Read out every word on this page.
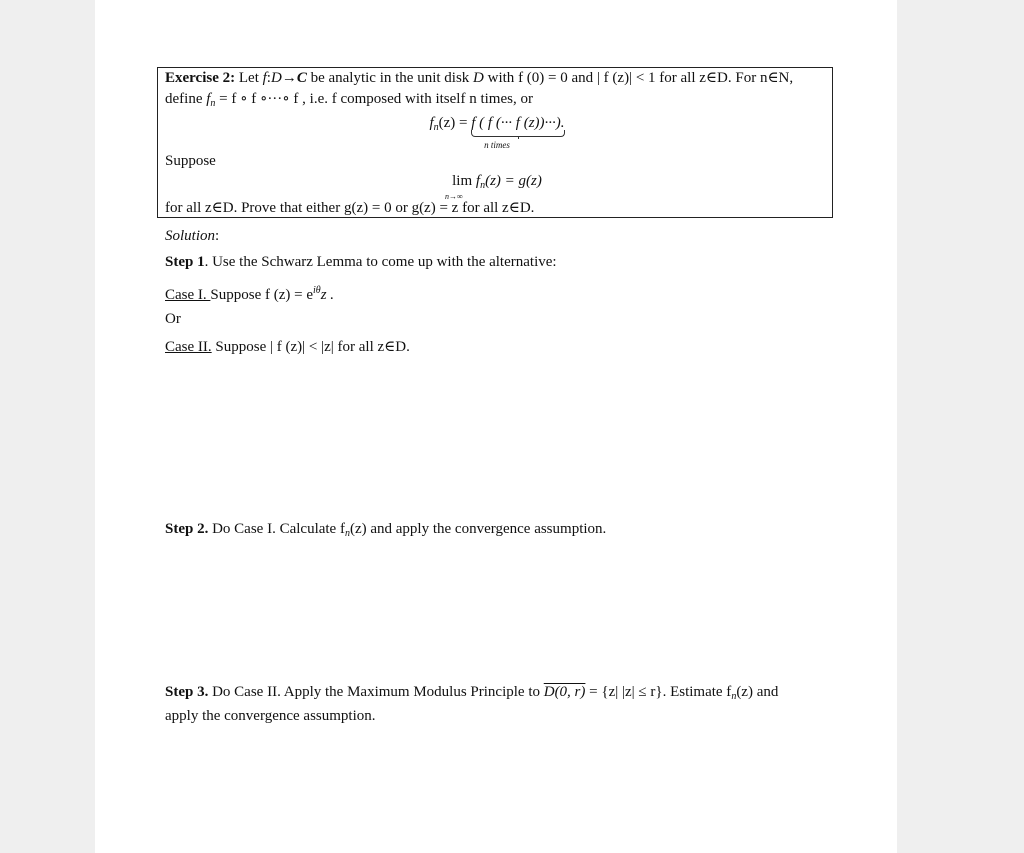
Exercise 2: Let f:D→C be analytic in the unit disk D with f (0) = 0 and | f (z)| < 1 for all z∈D. For n∈N,
define $f_n = f$ ∘ f ∘···∘ f , i.e. f composed with itself n times, or
$f_n(z) = f$ ( f (··· f (z))···).
n times
Suppose
$\lim f_n(z) = g(z)$
n→∞
for all z∈D. Prove that either g(z) = 0 or g(z) = z for all z∈D.
Solution:
Step 1. Use the Schwarz Lemma to come up with the alternative:
Case I. Suppose f $(z) = e^{i\theta}z$ .
Or
Case II. Suppose | f (z)| < |z| for all z∈D.
Step 2. Do Case I. Calculate $f_n(z)$ and apply the convergence assumption.
Step 3. Do Case II. Apply the Maximum Modulus Principle to D(0, r) = {z| |z| ≤ r}. Estimate $f_n(z)$ and
apply the convergence assumption.
